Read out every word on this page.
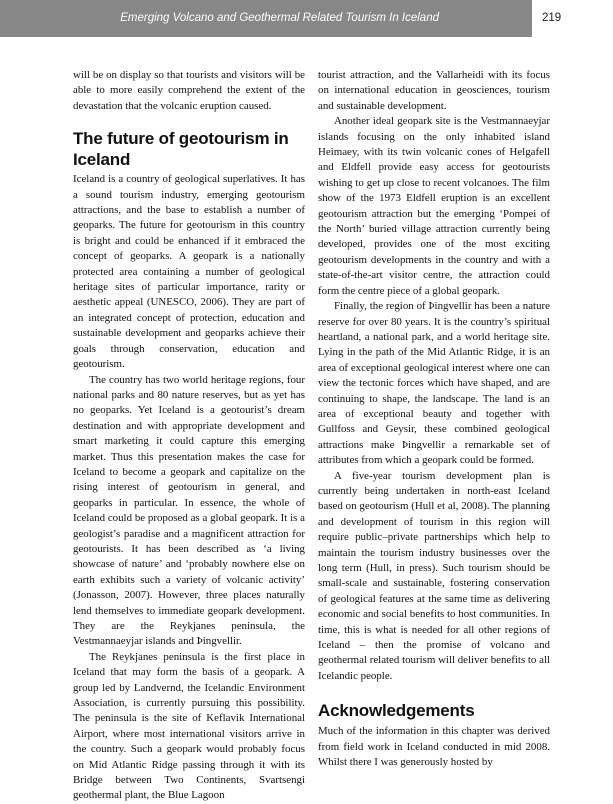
Emerging Volcano and Geothermal Related Tourism In Iceland	219

will be on display so that tourists and visitors will be able to more easily comprehend the extent of the devastation that the volcanic eruption caused.

The future of geotourism in Iceland

Iceland is a country of geological superlatives. It has a sound tourism industry, emerging geotourism attractions, and the base to establish a number of geoparks. The future for geotourism in this country is bright and could be enhanced if it embraced the concept of geoparks. A geopark is a nationally protected area containing a number of geological heritage sites of particular importance, rarity or aesthetic appeal (UNESCO, 2006). They are part of an integrated concept of protection, education and sustainable development and geoparks achieve their goals through conservation, education and geotourism.

The country has two world heritage regions, four national parks and 80 nature reserves, but as yet has no geoparks. Yet Iceland is a geotourist’s dream destination and with appropriate development and smart marketing it could capture this emerging market. Thus this presentation makes the case for Iceland to become a geopark and capitalize on the rising interest of geotourism in general, and geoparks in particular. In essence, the whole of Iceland could be proposed as a global geopark. It is a geologist’s paradise and a magnificent attraction for geotourists. It has been described as ‘a living showcase of nature’ and ‘probably nowhere else on earth exhibits such a variety of volcanic activity’ (Jonasson, 2007). However, three places naturally lend themselves to immediate geopark development. They are the Reykjanes peninsula, the Vestmannaeyjar islands and Þingvellir.

The Reykjanes peninsula is the first place in Iceland that may form the basis of a geopark. A group led by Landvernd, the Icelandic Environment Association, is currently pursuing this possibility. The peninsula is the site of Keflavik International Airport, where most international visitors arrive in the country. Such a geopark would probably focus on Mid Atlantic Ridge passing through it with its Bridge between Two Continents, Svartsengi geothermal plant, the Blue Lagoon

tourist attraction, and the Vallarheidi with its focus on international education in geosciences, tourism and sustainable development.

Another ideal geopark site is the Vestmannaeyjar islands focusing on the only inhabited island Heimaey, with its twin volcanic cones of Helgafell and Eldfell provide easy access for geotourists wishing to get up close to recent volcanoes. The film show of the 1973 Eldfell eruption is an excellent geotourism attraction but the emerging ‘Pompei of the North’ buried village attraction currently being developed, provides one of the most exciting geotourism developments in the country and with a state-of-the-art visitor centre, the attraction could form the centre piece of a global geopark.

Finally, the region of Þingvellir has been a nature reserve for over 80 years. It is the country’s spiritual heartland, a national park, and a world heritage site. Lying in the path of the Mid Atlantic Ridge, it is an area of exceptional geological interest where one can view the tectonic forces which have shaped, and are continuing to shape, the landscape. The land is an area of exceptional beauty and together with Gullfoss and Geysir, these combined geological attractions make Þingvellir a remarkable set of attributes from which a geopark could be formed.

A five-year tourism development plan is currently being undertaken in north-east Iceland based on geotourism (Hull et al, 2008). The planning and development of tourism in this region will require public–private partnerships which help to maintain the tourism industry businesses over the long term (Hull, in press). Such tourism should be small-scale and sustainable, fostering conservation of geological features at the same time as delivering economic and social benefits to host communities. In time, this is what is needed for all other regions of Iceland – then the promise of volcano and geothermal related tourism will deliver benefits to all Icelandic people.

Acknowledgements

Much of the information in this chapter was derived from field work in Iceland conducted in mid 2008. Whilst there I was generously hosted by
